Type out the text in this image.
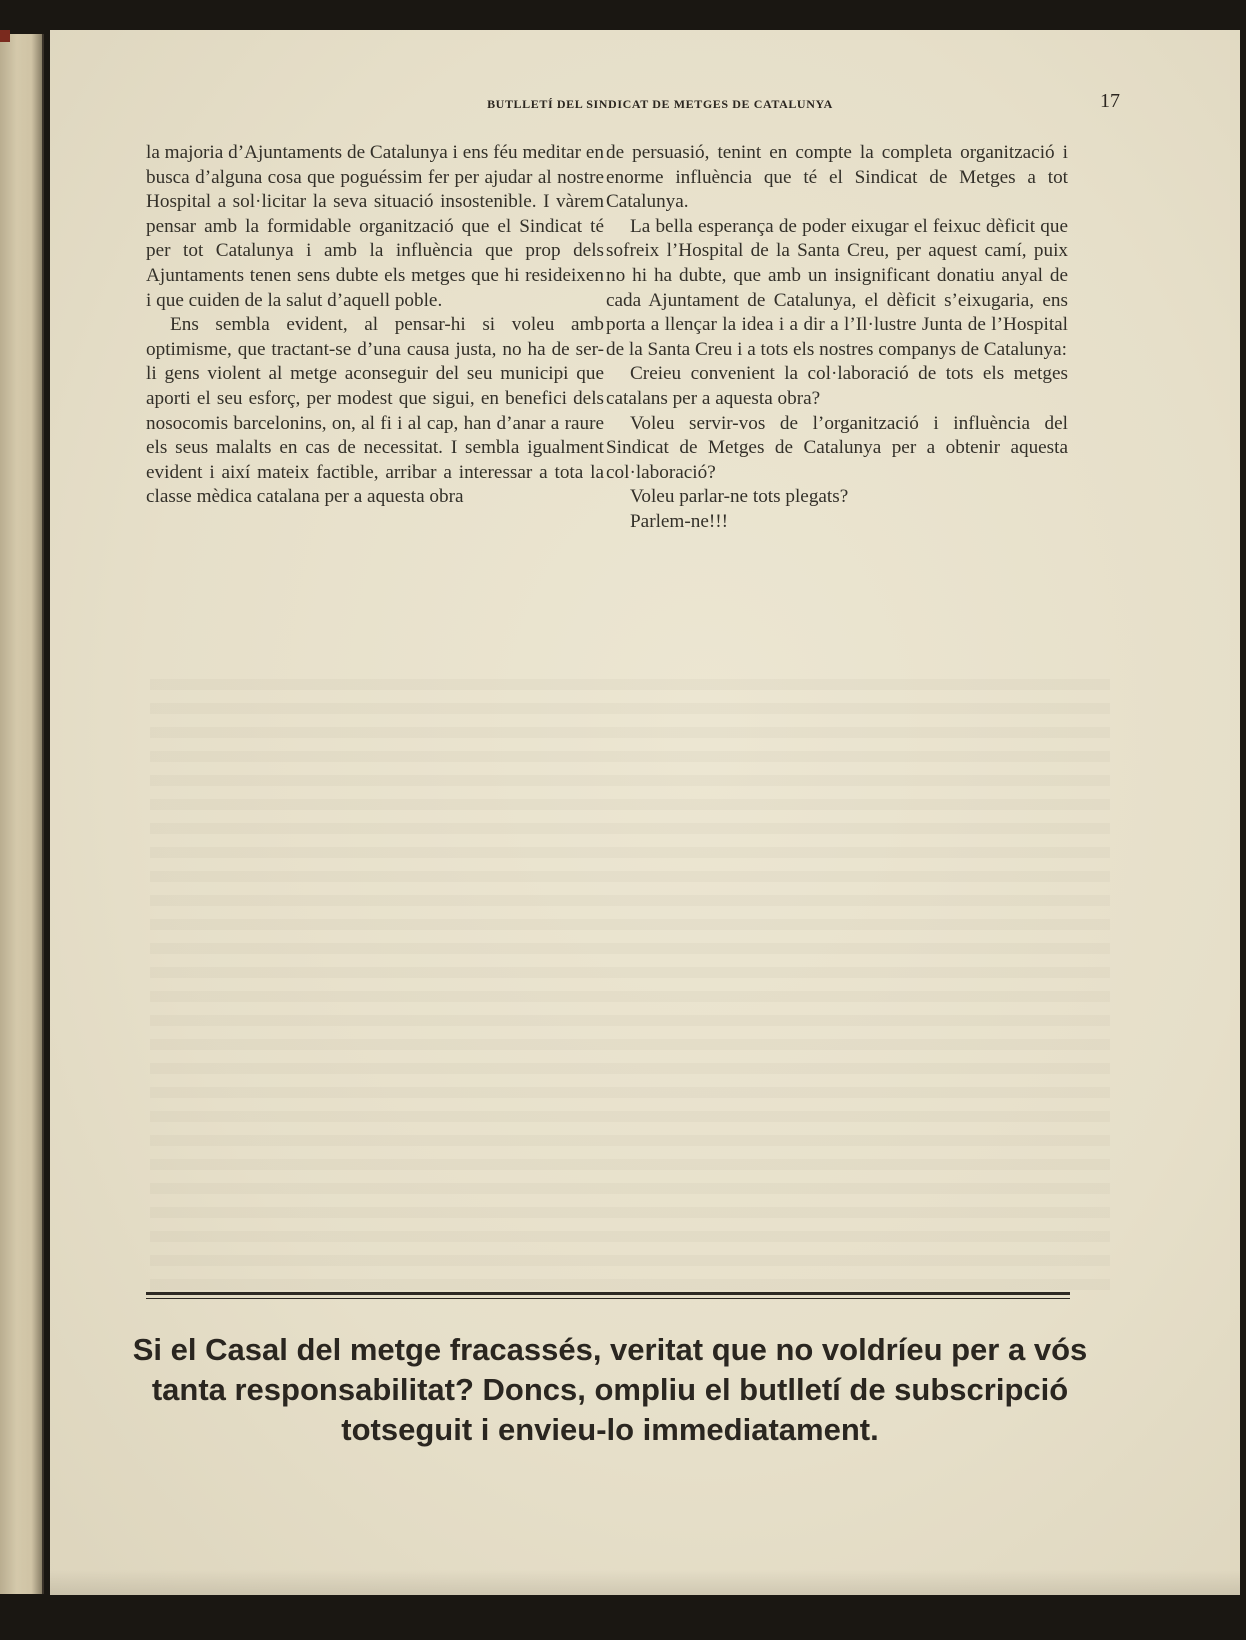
BUTLLETÍ DEL SINDICAT DE METGES DE CATALUNYA	17

la majoria d’Ajuntaments de Catalunya i ens féu meditar en busca d’alguna cosa que poguéssim fer per ajudar al nostre Hospital a sol·licitar la seva situació insostenible. I vàrem pensar amb la formidable organització que el Sindicat té per tot Catalunya i amb la influència que prop dels Ajuntaments tenen sens dubte els metges que hi resideixen i que cuiden de la salut d’aquell poble.

Ens sembla evident, al pensar-hi si voleu amb optimisme, que tractant-se d’una causa justa, no ha de ser-li gens violent al metge aconseguir del seu municipi que aporti el seu esforç, per modest que sigui, en benefici dels nosocomis barcelonins, on, al fi i al cap, han d’anar a raure els seus malalts en cas de necessitat. I sembla igualment evident i així mateix factible, arribar a interessar a tota la classe mèdica catalana per a aquesta obra

de persuasió, tenint en compte la completa organització i enorme influència que té el Sindicat de Metges a tot Catalunya.

La bella esperança de poder eixugar el feixuc dèficit que sofreix l’Hospital de la Santa Creu, per aquest camí, puix no hi ha dubte, que amb un insignificant donatiu anyal de cada Ajuntament de Catalunya, el dèficit s’eixugaria, ens porta a llençar la idea i a dir a l’Il·lustre Junta de l’Hospital de la Santa Creu i a tots els nostres companys de Catalunya:

Creieu convenient la col·laboració de tots els metges catalans per a aquesta obra?

Voleu servir-vos de l’organització i influència del Sindicat de Metges de Catalunya per a obtenir aquesta col·laboració?

Voleu parlar-ne tots plegats?

Parlem-ne!!!

Si el Casal del metge fracassés, veritat que no voldríeu per a vós
tanta responsabilitat? Doncs, ompliu el butlletí de subscripció
totseguit i envieu-lo immediatament.
